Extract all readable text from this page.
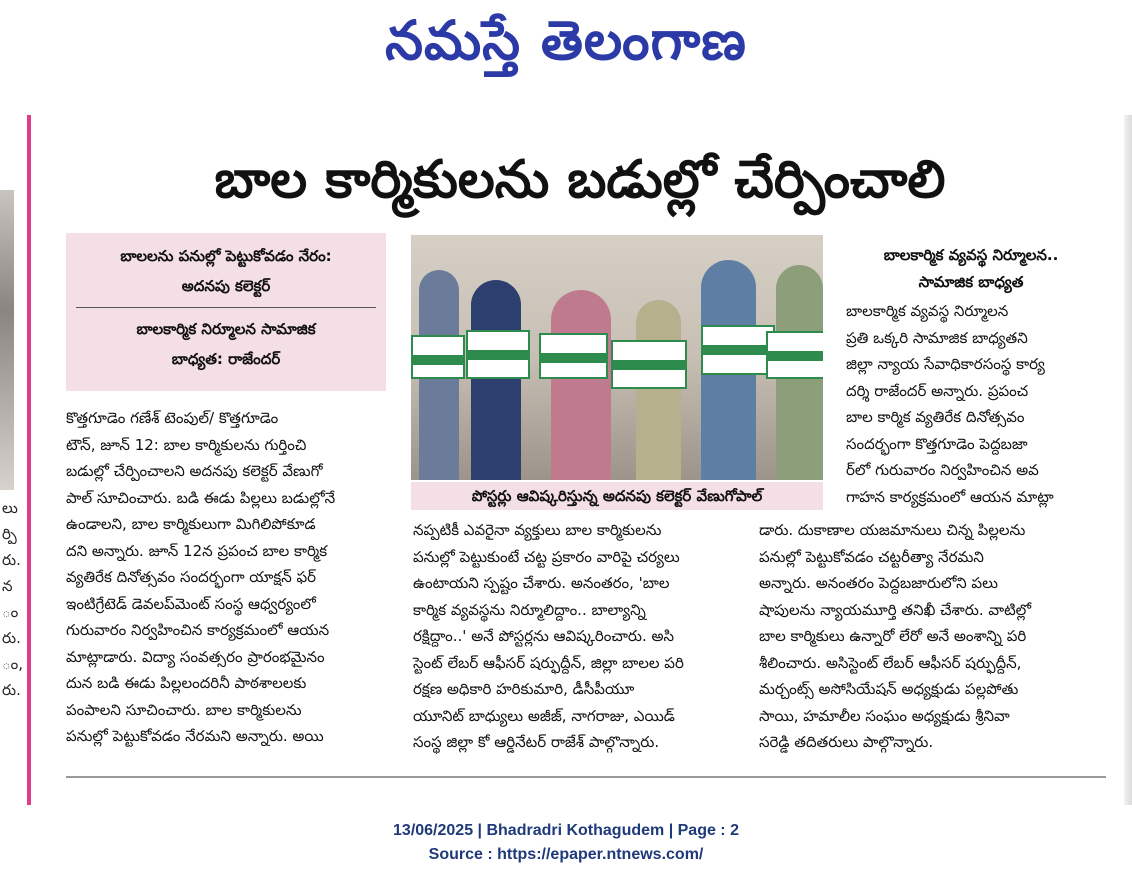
నమస్తే తెలంగాణ
లు
ర్పి
రు.
న
ం
రు.
ం,
రు.
బాల కార్మికులను బడుల్లో చేర్పించాలి

బాలలను పనుల్లో పెట్టుకోవడం నేరం:

అదనపు కలెక్టర్

బాలకార్మిక నిర్మూలన సామాజిక

బాధ్యత: రాజేందర్

కొత్తగూడెం గణేశ్ టెంపుల్/ కొత్తగూడెం

టౌన్, జూన్ 12: బాల కార్మికులను గుర్తించి

బడుల్లో చేర్పించాలని అదనపు కలెక్టర్ వేణుగో

పాల్ సూచించారు. బడి ఈడు పిల్లలు బడుల్లోనే

ఉండాలని, బాల కార్మికులుగా మిగిలిపోకూడ

దని అన్నారు. జూన్ 12న ప్రపంచ బాల కార్మిక

వ్యతిరేక దినోత్సవం సందర్భంగా యాక్షన్ ఫర్

ఇంటిగ్రేటెడ్ డెవలప్‌మెంట్ సంస్థ ఆధ్వర్యంలో

గురువారం నిర్వహించిన కార్యక్రమంలో ఆయన

మాట్లాడారు. విద్యా సంవత్సరం ప్రారంభమైనం

దున బడి ఈడు పిల్లలందరినీ పాఠశాలలకు

పంపాలని సూచించారు. బాల కార్మికులను

పనుల్లో పెట్టుకోవడం నేరమని అన్నారు. అయి

పోస్టర్లు ఆవిష్కరిస్తున్న అదనపు కలెక్టర్ వేణుగోపాల్

నప్పటికీ ఎవరైనా వ్యక్తులు బాల కార్మికులను

పనుల్లో పెట్టుకుంటే చట్ట ప్రకారం వారిపై చర్యలు

ఉంటాయని స్పష్టం చేశారు. అనంతరం, 'బాల

కార్మిక వ్యవస్థను నిర్మూలిద్దాం.. బాల్యాన్ని

రక్షిద్దాం..' అనే పోస్టర్లను ఆవిష్కరించారు. అసి

స్టెంట్ లేబర్ ఆఫీసర్ షర్ఫుద్దీన్, జిల్లా బాలల పరి

రక్షణ అధికారి హరికుమారి, డీసీపీయూ

యూనిట్ బాధ్యులు అజీజ్, నాగరాజు, ఎయిడ్

సంస్థ జిల్లా కో ఆర్డినేటర్ రాజేశ్ పాల్గొన్నారు.

బాలకార్మిక వ్యవస్థ నిర్మూలన..
సామాజిక బాధ్యత

బాలకార్మిక వ్యవస్థ నిర్మూలన

ప్రతి ఒక్కరి సామాజిక బాధ్యతని

జిల్లా న్యాయ సేవాధికారసంస్థ కార్య

దర్శి రాజేందర్ అన్నారు. ప్రపంచ

బాల కార్మిక వ్యతిరేక దినోత్సవం

సందర్భంగా కొత్తగూడెం పెద్దబజా

ర్‌లో గురువారం నిర్వహించిన అవ

గాహన కార్యక్రమంలో ఆయన మాట్లా

డారు. దుకాణాల యజమానులు చిన్న పిల్లలను

పనుల్లో పెట్టుకోవడం చట్టరీత్యా నేరమని

అన్నారు. అనంతరం పెద్దబజారులోని పలు

షాపులను న్యాయమూర్తి తనిఖీ చేశారు. వాటిల్లో

బాల కార్మికులు ఉన్నారో లేరో అనే అంశాన్ని పరి

శీలించారు. అసిస్టెంట్ లేబర్ ఆఫీసర్ షర్ఫుద్దీన్,

మర్చంట్స్ అసోసియేషన్ అధ్యక్షుడు పల్లపోతు

సాయి, హమాలీల సంఘం అధ్యక్షుడు శ్రీనివా

సరెడ్డి తదితరులు పాల్గొన్నారు.

13/06/2025 | Bhadradri Kothagudem | Page : 2
Source : https://epaper.ntnews.com/
